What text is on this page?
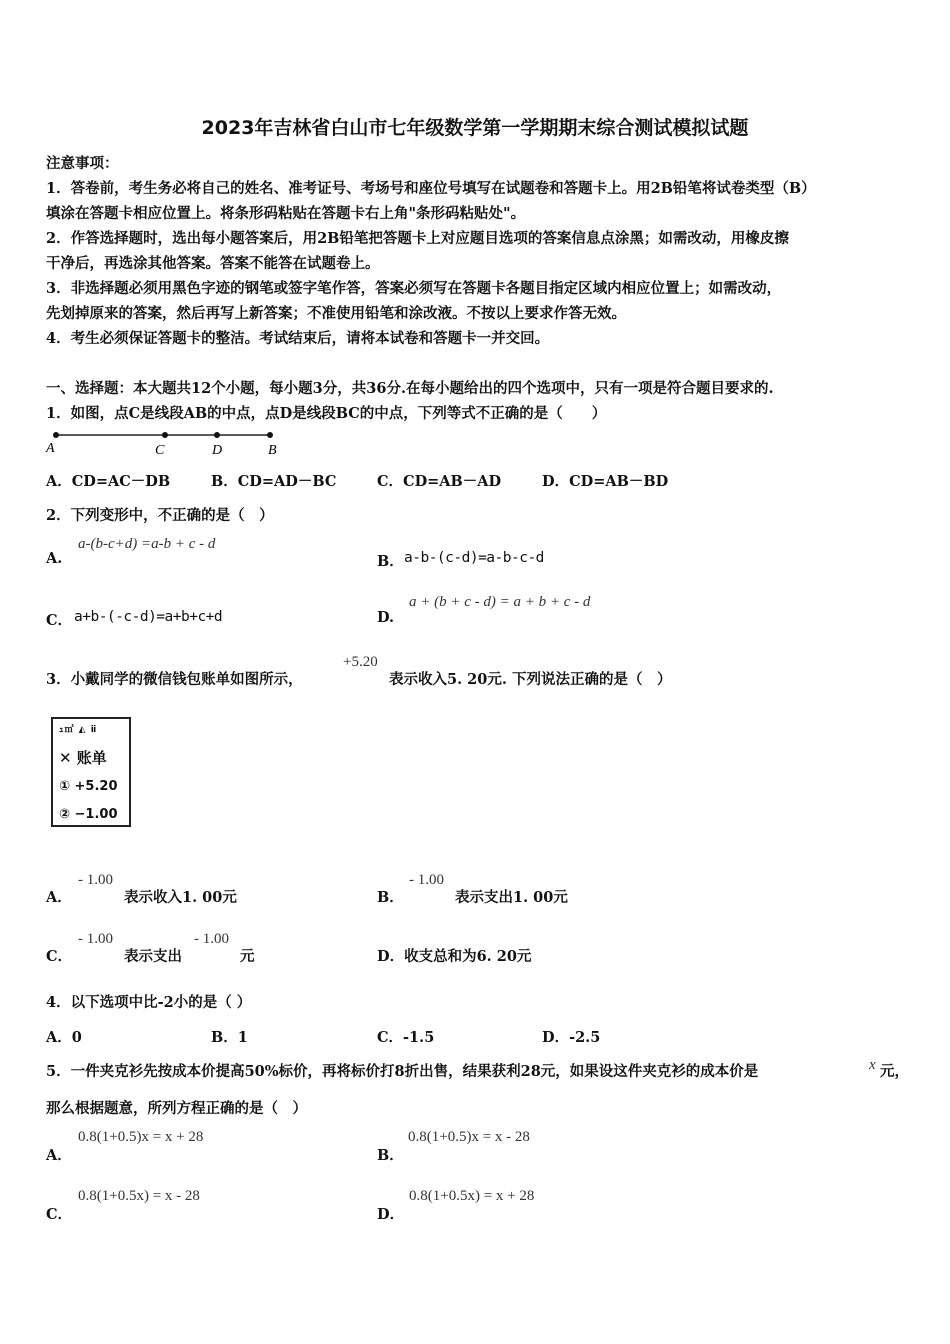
2023年吉林省白山市七年级数学第一学期期末综合测试模拟试题
注意事项：
1．答卷前，考生务必将自己的姓名、准考证号、考场号和座位号填写在试题卷和答题卡上。用2B铅笔将试卷类型（B）
填涂在答题卡相应位置上。将条形码粘贴在答题卡右上角"条形码粘贴处"。
2．作答选择题时，选出每小题答案后，用2B铅笔把答题卡上对应题目选项的答案信息点涂黑；如需改动，用橡皮擦
干净后，再选涂其他答案。答案不能答在试题卷上。
3．非选择题必须用黑色字迹的钢笔或签字笔作答，答案必须写在答题卡各题目指定区域内相应位置上；如需改动，
先划掉原来的答案，然后再写上新答案；不准使用铅笔和涂改液。不按以上要求作答无效。
4．考生必须保证答题卡的整洁。考试结束后，请将本试卷和答题卡一并交回。
一、选择题：本大题共12个小题，每小题3分，共36分.在每小题给出的四个选项中，只有一项是符合题目要求的.
1．如图，点C是线段AB的中点，点D是线段BC的中点，下列等式不正确的是（　　）
A	C	D	B
A．CD=AC－DB	B．CD=AD－BC	C．CD=AB－AD	D．CD=AB－BD
2．下列变形中，不正确的是（　）
A.
a-(b-c+d) =a-b + c - d
B． a-b-(c-d)=a-b-c-d
C． a+b-(-c-d)=a+b+c+d	D.
a + (b + c - d) = a + b + c - d
3．小戴同学的微信钱包账单如图所示，
+5.20
表示收入5. 20元. 下列说法正确的是（　）
ｭ㎡ ◭ ⅱ
✕ 账单
① +5.20
② −1.00
A．
- 1.00
表示收入1. 00元	B．
- 1.00
表示支出1. 00元
C．
- 1.00
表示支出
- 1.00
元	D．收支总和为6. 20元
4．以下选项中比-2小的是（ ）
A．0	B．1	C．-1.5	D．-2.5
5．一件夹克衫先按成本价提高50%标价，再将标价打8折出售，结果获利28元，如果设这件夹克衫的成本价是	x 元，
那么根据题意，所列方程正确的是（　）
A．
0.8(1+0.5)x = x + 28
B．
0.8(1+0.5)x = x - 28
C．
0.8(1+0.5x) = x - 28
D．
0.8(1+0.5x) = x + 28
